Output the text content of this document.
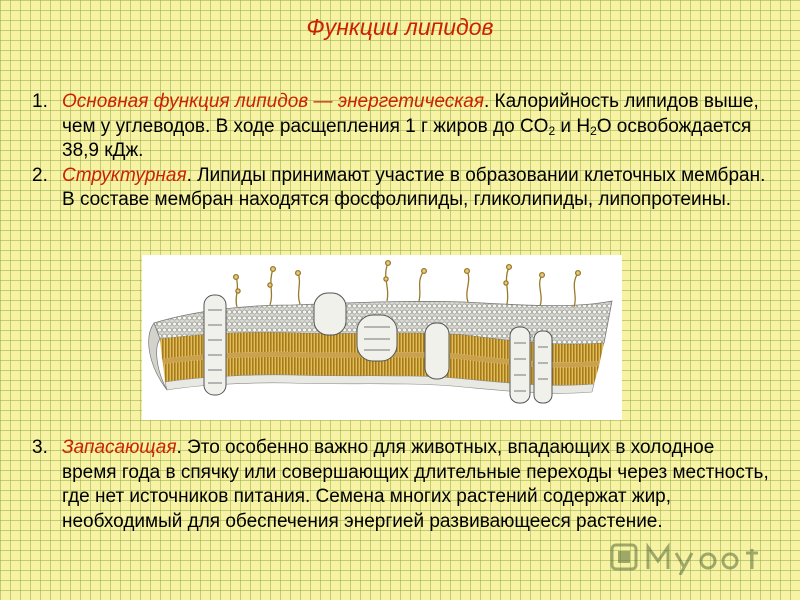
Функции липидов
1. Основная функция липидов — энергетическая. Калорийность липидов выше, чем у углеводов. В ходе расщепления 1 г жиров до $CO_2$ и $H_2O$ освобождается 38,9 кДж.
2. Структурная. Липиды принимают участие в образовании клеточных мембран. В составе мембран находятся фосфолипиды, гликолипиды, липопротеины.
3. Запасающая. Это особенно важно для животных, впадающих в холодное время года в спячку или совершающих длительные переходы через местность, где нет источников питания. Семена многих растений содержат жир, необходимый для обеспечения энергией развивающееся растение.
